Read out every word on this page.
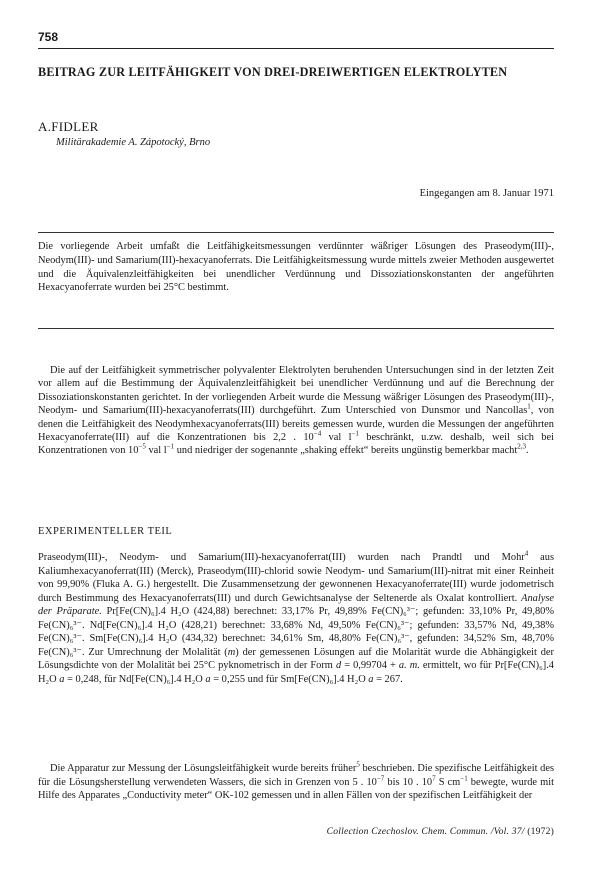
758
BEITRAG ZUR LEITFÄHIGKEIT VON DREI-DREIWERTIGEN ELEKTROLYTEN
A.FIDLER
Militärakademie A. Zápotocký, Brno
Eingegangen am 8. Januar 1971
Die vorliegende Arbeit umfaßt die Leitfähigkeitsmessungen verdünnter wäßriger Lösungen des Praseodym(III)-, Neodym(III)- und Samarium(III)-hexacyanoferrats. Die Leitfähigkeitsmessung wurde mittels zweier Methoden ausgewertet und die Äquivalenzleitfähigkeiten bei unendlicher Verdünnung und Dissoziationskonstanten der angeführten Hexacyanoferrate wurden bei 25°C bestimmt.
Die auf der Leitfähigkeit symmetrischer polyvalenter Elektrolyten beruhenden Untersuchungen sind in der letzten Zeit vor allem auf die Bestimmung der Äquivalenzleitfähigkeit bei unendlicher Verdünnung und auf die Berechnung der Dissoziationskonstanten gerichtet. In der vorliegenden Arbeit wurde die Messung wäßriger Lösungen des Praseodym(III)-, Neodym- und Samarium(III)-hexacyanoferrats(III) durchgeführt. Zum Unterschied von Dunsmor und Nancollas$^1$, von denen die Leitfähigkeit des Neodymhexacyanoferrats(III) bereits gemessen wurde, wurden die Messungen der angeführten Hexacyanoferrate(III) auf die Konzentrationen bis 2,2 . $10^{-4}$ val $l^{-1}$ beschränkt, u.zw. deshalb, weil sich bei Konzentrationen von $10^{-5}$ val $l^{-1}$ und niedriger der sogenannte „shaking effekt“ bereits ungünstig bemerkbar macht$^{2,3}$.
EXPERIMENTELLER TEIL
Praseodym(III)-, Neodym- und Samarium(III)-hexacyanoferrat(III) wurden nach Prandtl und Mohr$^4$ aus Kaliumhexacyanoferrat(III) (Merck), Praseodym(III)-chlorid sowie Neodym- und Samarium(III)-nitrat mit einer Reinheit von 99,90% (Fluka A. G.) hergestellt. Die Zusammensetzung der gewonnenen Hexacyanoferrate(III) wurde jodometrisch durch Bestimmung des Hexacyanoferrats(III) und durch Gewichtsanalyse der Seltenerde als Oxalat kontrolliert. Analyse der Präparate. Pr[Fe(CN)₆].4 H₂O (424,88) berechnet: 33,17% Pr, 49,89% Fe(CN)₆³⁻; gefunden: 33,10% Pr, 49,80% Fe(CN)₆³⁻. Nd[Fe(CN)₆].4 H₂O (428,21) berechnet: 33,68% Nd, 49,50% Fe(CN)₆³⁻; gefunden: 33,57% Nd, 49,38% Fe(CN)₆³⁻. Sm[Fe(CN)₆].4 H₂O (434,32) berechnet: 34,61% Sm, 48,80% Fe(CN)₆³⁻, gefunden: 34,52% Sm, 48,70% Fe(CN)₆³⁻. Zur Umrechnung der Molalität (m) der gemessenen Lösungen auf die Molarität wurde die Abhängigkeit der Lösungsdichte von der Molalität bei 25°C pyknometrisch in der Form d = 0,99704 + a. m. ermittelt, wo für Pr[Fe(CN)₆].4 H₂O a = 0,248, für Nd[Fe(CN)₆].4 H₂O a = 0,255 und für Sm[Fe(CN)₆].4 H₂O a = 267.
Die Apparatur zur Messung der Lösungsleitfähigkeit wurde bereits früher$^5$ beschrieben. Die spezifische Leitfähigkeit des für die Lösungsherstellung verwendeten Wassers, die sich in Grenzen von 5 . $10^{-7}$ bis 10 . $10^7$ S $cm^{-1}$ bewegte, wurde mit Hilfe des Apparates „Conductivity meter“ OK-102 gemessen und in allen Fällen von der spezifischen Leitfähigkeit der
Collection Czechoslov. Chem. Commun. /Vol. 37/ (1972)
